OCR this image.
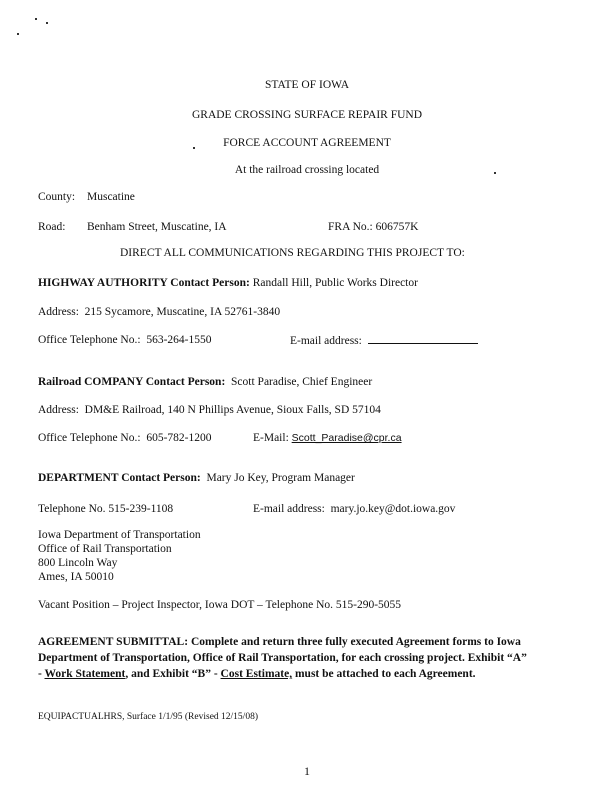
STATE OF IOWA
GRADE CROSSING SURFACE REPAIR FUND
FORCE ACCOUNT AGREEMENT
At the railroad crossing located
County: Muscatine
Road: Benham Street, Muscatine, IA	FRA No.: 606757K
DIRECT ALL COMMUNICATIONS REGARDING THIS PROJECT TO:
HIGHWAY AUTHORITY Contact Person: Randall Hill, Public Works Director
Address: 215 Sycamore, Muscatine, IA 52761-3840
Office Telephone No.: 563-264-1550	E-mail address:
Railroad COMPANY Contact Person: Scott Paradise, Chief Engineer
Address: DM&E Railroad, 140 N Phillips Avenue, Sioux Falls, SD 57104
Office Telephone No.: 605-782-1200	E-Mail: Scott_Paradise@cpr.ca
DEPARTMENT Contact Person: Mary Jo Key, Program Manager
Telephone No. 515-239-1108	E-mail address: mary.jo.key@dot.iowa.gov
Iowa Department of Transportation
Office of Rail Transportation
800 Lincoln Way
Ames, IA 50010
Vacant Position – Project Inspector, Iowa DOT – Telephone No. 515-290-5055
AGREEMENT SUBMITTAL: Complete and return three fully executed Agreement forms to Iowa
Department of Transportation, Office of Rail Transportation, for each crossing project. Exhibit “A”
- Work Statement, and Exhibit “B” - Cost Estimate, must be attached to each Agreement.
EQUIPACTUALHRS, Surface 1/1/95 (Revised 12/15/08)
1
